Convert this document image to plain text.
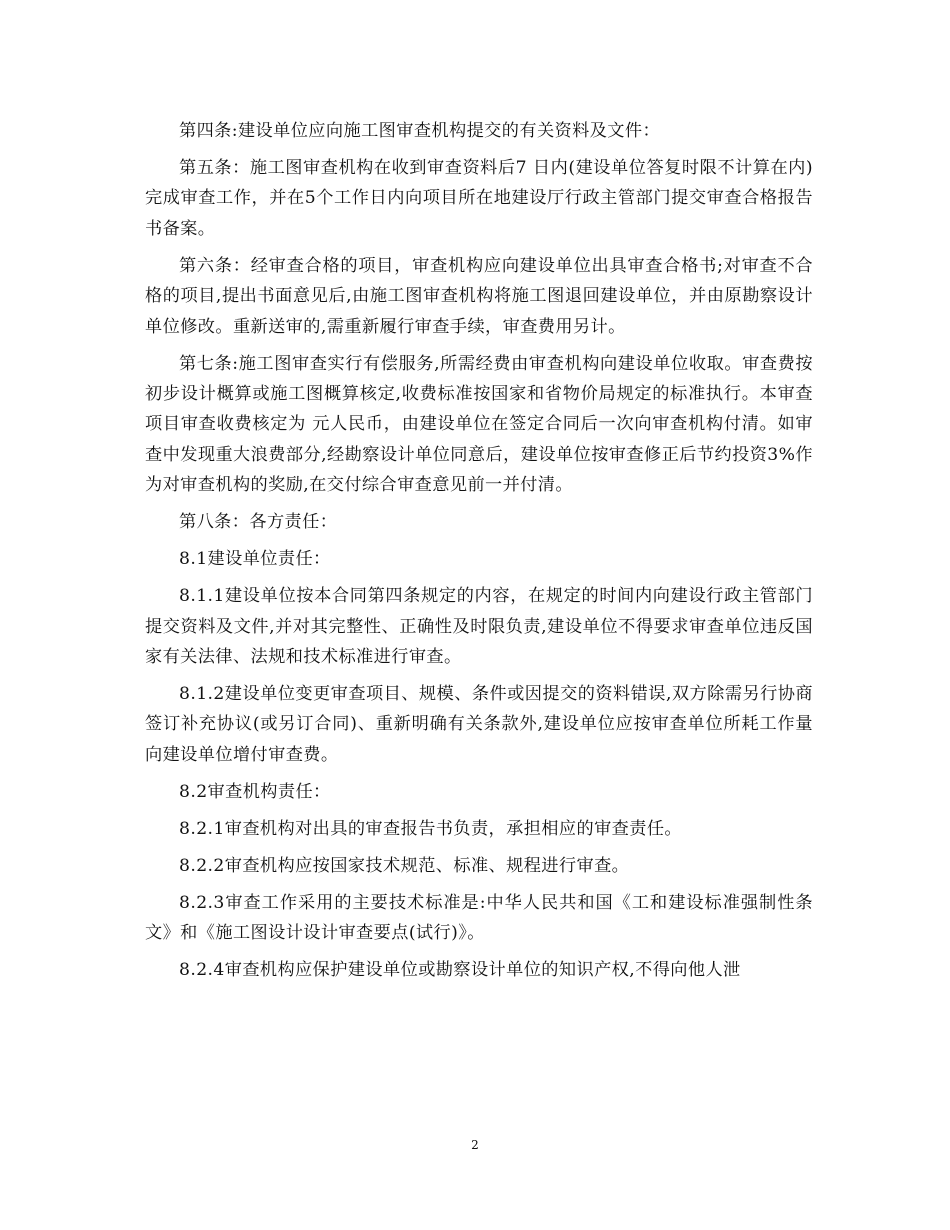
第四条:建设单位应向施工图审查机构提交的有关资料及文件：

第五条：施工图审查机构在收到审查资料后7 日内(建设单位答复时限不计算在内)完成审查工作，并在5个工作日内向项目所在地建设厅行政主管部门提交审查合格报告书备案。

第六条：经审查合格的项目，审查机构应向建设单位出具审查合格书;对审查不合格的项目,提出书面意见后,由施工图审查机构将施工图退回建设单位，并由原勘察设计单位修改。重新送审的,需重新履行审查手续，审查费用另计。

第七条:施工图审查实行有偿服务,所需经费由审查机构向建设单位收取。审查费按初步设计概算或施工图概算核定,收费标准按国家和省物价局规定的标准执行。本审查项目审查收费核定为 元人民币，由建设单位在签定合同后一次向审查机构付清。如审查中发现重大浪费部分,经勘察设计单位同意后，建设单位按审查修正后节约投资3%作为对审查机构的奖励,在交付综合审查意见前一并付清。

第八条：各方责任：

8.1建设单位责任：

8.1.1建设单位按本合同第四条规定的内容，在规定的时间内向建设行政主管部门提交资料及文件,并对其完整性、正确性及时限负责,建设单位不得要求审查单位违反国家有关法律、法规和技术标准进行审查。

8.1.2建设单位变更审查项目、规模、条件或因提交的资料错误,双方除需另行协商签订补充协议(或另订合同)、重新明确有关条款外,建设单位应按审查单位所耗工作量向建设单位增付审查费。

8.2审查机构责任：

8.2.1审查机构对出具的审查报告书负责，承担相应的审查责任。

8.2.2审查机构应按国家技术规范、标准、规程进行审查。

8.2.3审查工作采用的主要技术标准是:中华人民共和国《工和建设标准强制性条文》和《施工图设计设计审查要点(试行)》。

8.2.4审查机构应保护建设单位或勘察设计单位的知识产权,不得向他人泄

2
